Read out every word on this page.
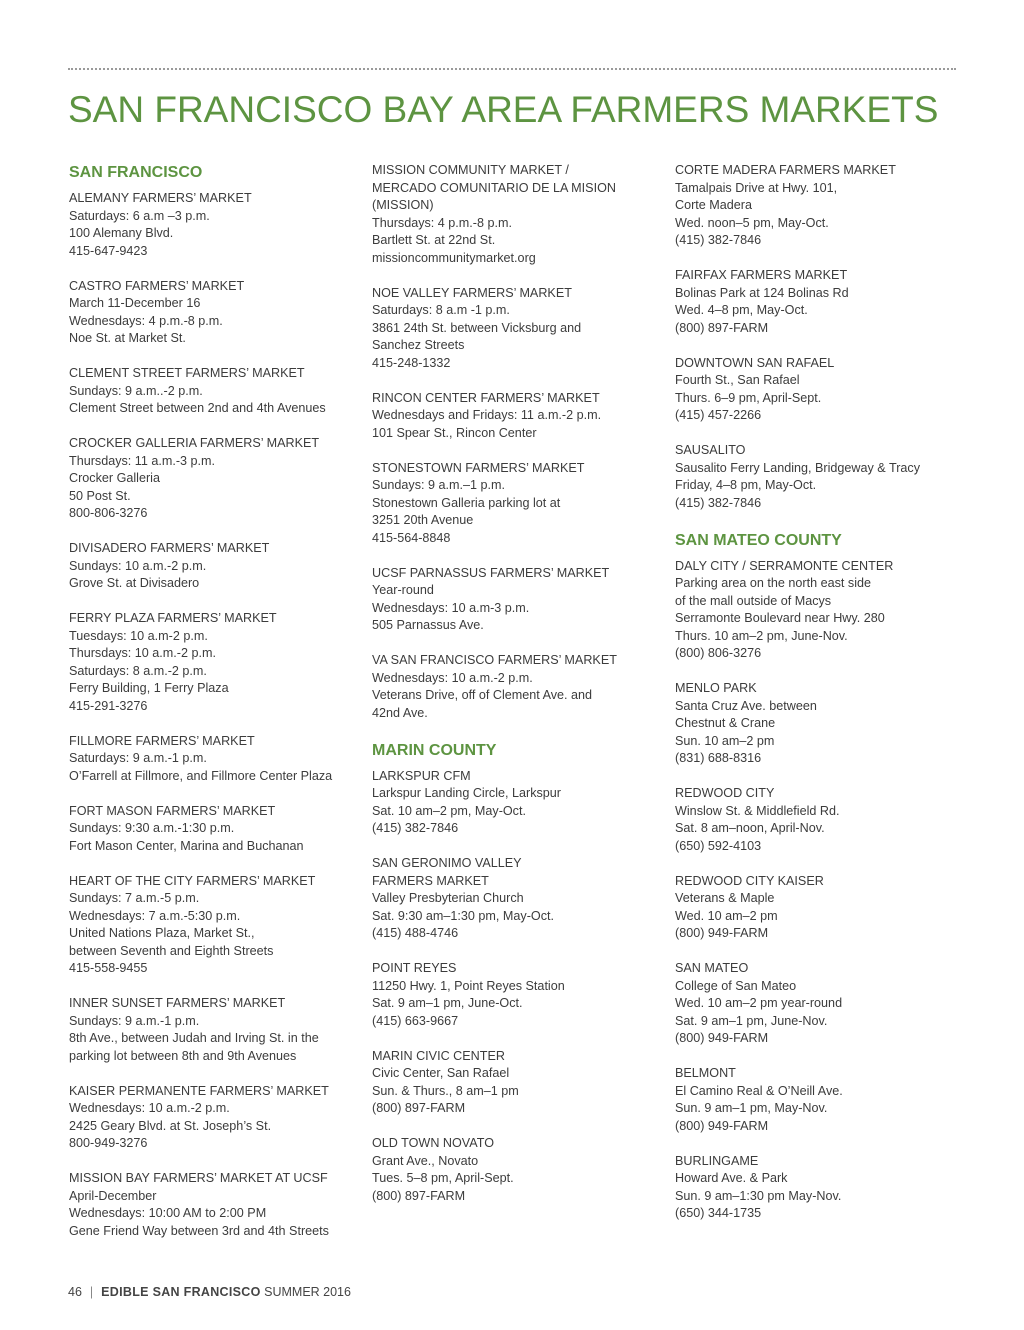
SAN FRANCISCO BAY AREA FARMERS MARKETS
SAN FRANCISCO

ALEMANY FARMERS’ MARKET

Saturdays: 6 a.m –3 p.m.

100 Alemany Blvd.

415-647-9423

CASTRO FARMERS’ MARKET

March 11-December 16

Wednesdays: 4 p.m.-8 p.m.

Noe St. at Market St.

CLEMENT STREET FARMERS’ MARKET

Sundays: 9 a.m..-2 p.m.

Clement Street between 2nd and 4th Avenues

CROCKER GALLERIA FARMERS’ MARKET

Thursdays: 11 a.m.-3 p.m.

Crocker Galleria

50 Post St.

800-806-3276

DIVISADERO FARMERS’ MARKET

Sundays: 10 a.m.-2 p.m.

Grove St. at Divisadero

FERRY PLAZA FARMERS’ MARKET

Tuesdays: 10 a.m-2 p.m.

Thursdays: 10 a.m.-2 p.m.

Saturdays: 8 a.m.-2 p.m.

Ferry Building, 1 Ferry Plaza

415-291-3276

FILLMORE FARMERS’ MARKET

Saturdays: 9 a.m.-1 p.m.

O’Farrell at Fillmore, and Fillmore Center Plaza

FORT MASON FARMERS’ MARKET

Sundays: 9:30 a.m.-1:30 p.m.

Fort Mason Center, Marina and Buchanan

HEART OF THE CITY FARMERS’ MARKET

Sundays: 7 a.m.-5 p.m.

Wednesdays: 7 a.m.-5:30 p.m.

United Nations Plaza, Market St.,

between Seventh and Eighth Streets

415-558-9455

INNER SUNSET FARMERS’ MARKET

Sundays: 9 a.m.-1 p.m.

8th Ave., between Judah and Irving St. in the

parking lot between 8th and 9th Avenues

KAISER PERMANENTE FARMERS’ MARKET

Wednesdays: 10 a.m.-2 p.m.

2425 Geary Blvd. at St. Joseph’s St.

800-949-3276

MISSION BAY FARMERS’ MARKET AT UCSF

April-December

Wednesdays: 10:00 AM to 2:00 PM

Gene Friend Way between 3rd and 4th Streets

MISSION COMMUNITY MARKET /

MERCADO COMUNITARIO DE LA MISION

(MISSION)

Thursdays: 4 p.m.-8 p.m.

Bartlett St. at 22nd St.

missioncommunitymarket.org

NOE VALLEY FARMERS’ MARKET

Saturdays: 8 a.m -1 p.m.

3861 24th St. between Vicksburg and

Sanchez Streets

415-248-1332

RINCON CENTER FARMERS’ MARKET

Wednesdays and Fridays: 11 a.m.-2 p.m.

101 Spear St., Rincon Center

STONESTOWN FARMERS’ MARKET

Sundays: 9 a.m.–1 p.m.

Stonestown Galleria parking lot at

3251 20th Avenue

415-564-8848

UCSF PARNASSUS FARMERS’ MARKET

Year-round

Wednesdays: 10 a.m-3 p.m.

505 Parnassus Ave.

VA SAN FRANCISCO FARMERS’ MARKET

Wednesdays: 10 a.m.-2 p.m.

Veterans Drive, off of Clement Ave. and

42nd Ave.

MARIN COUNTY

LARKSPUR CFM

Larkspur Landing Circle, Larkspur

Sat. 10 am–2 pm, May-Oct.

(415) 382-7846

SAN GERONIMO VALLEY

FARMERS MARKET

Valley Presbyterian Church

Sat. 9:30 am–1:30 pm, May-Oct.

(415) 488-4746

POINT REYES

11250 Hwy. 1, Point Reyes Station

Sat. 9 am–1 pm, June-Oct.

(415) 663-9667

MARIN CIVIC CENTER

Civic Center, San Rafael

Sun. & Thurs., 8 am–1 pm

(800) 897-FARM

OLD TOWN NOVATO

Grant Ave., Novato

Tues. 5–8 pm, April-Sept.

(800) 897-FARM

CORTE MADERA FARMERS MARKET

Tamalpais Drive at Hwy. 101,

Corte Madera

Wed. noon–5 pm, May-Oct.

(415) 382-7846

FAIRFAX FARMERS MARKET

Bolinas Park at 124 Bolinas Rd

Wed. 4–8 pm, May-Oct.

(800) 897-FARM

DOWNTOWN SAN RAFAEL

Fourth St., San Rafael

Thurs. 6–9 pm, April-Sept.

(415) 457-2266

SAUSALITO

Sausalito Ferry Landing, Bridgeway & Tracy

Friday, 4–8 pm, May-Oct.

(415) 382-7846

SAN MATEO COUNTY

DALY CITY / SERRAMONTE CENTER

Parking area on the north east side

of the mall outside of Macys

Serramonte Boulevard near Hwy. 280

Thurs. 10 am–2 pm, June-Nov.

(800) 806-3276

MENLO PARK

Santa Cruz Ave. between

Chestnut & Crane

Sun. 10 am–2 pm

(831) 688-8316

REDWOOD CITY

Winslow St. & Middlefield Rd.

Sat. 8 am–noon, April-Nov.

(650) 592-4103

REDWOOD CITY KAISER

Veterans & Maple

Wed. 10 am–2 pm

(800) 949-FARM

SAN MATEO

College of San Mateo

Wed. 10 am–2 pm year-round

Sat. 9 am–1 pm, June-Nov.

(800) 949-FARM

BELMONT

El Camino Real & O’Neill Ave.

Sun. 9 am–1 pm, May-Nov.

(800) 949-FARM

BURLINGAME

Howard Ave. & Park

Sun. 9 am–1:30 pm May-Nov.

(650) 344-1735

46 | EDIBLE SAN FRANCISCO SUMMER 2016
